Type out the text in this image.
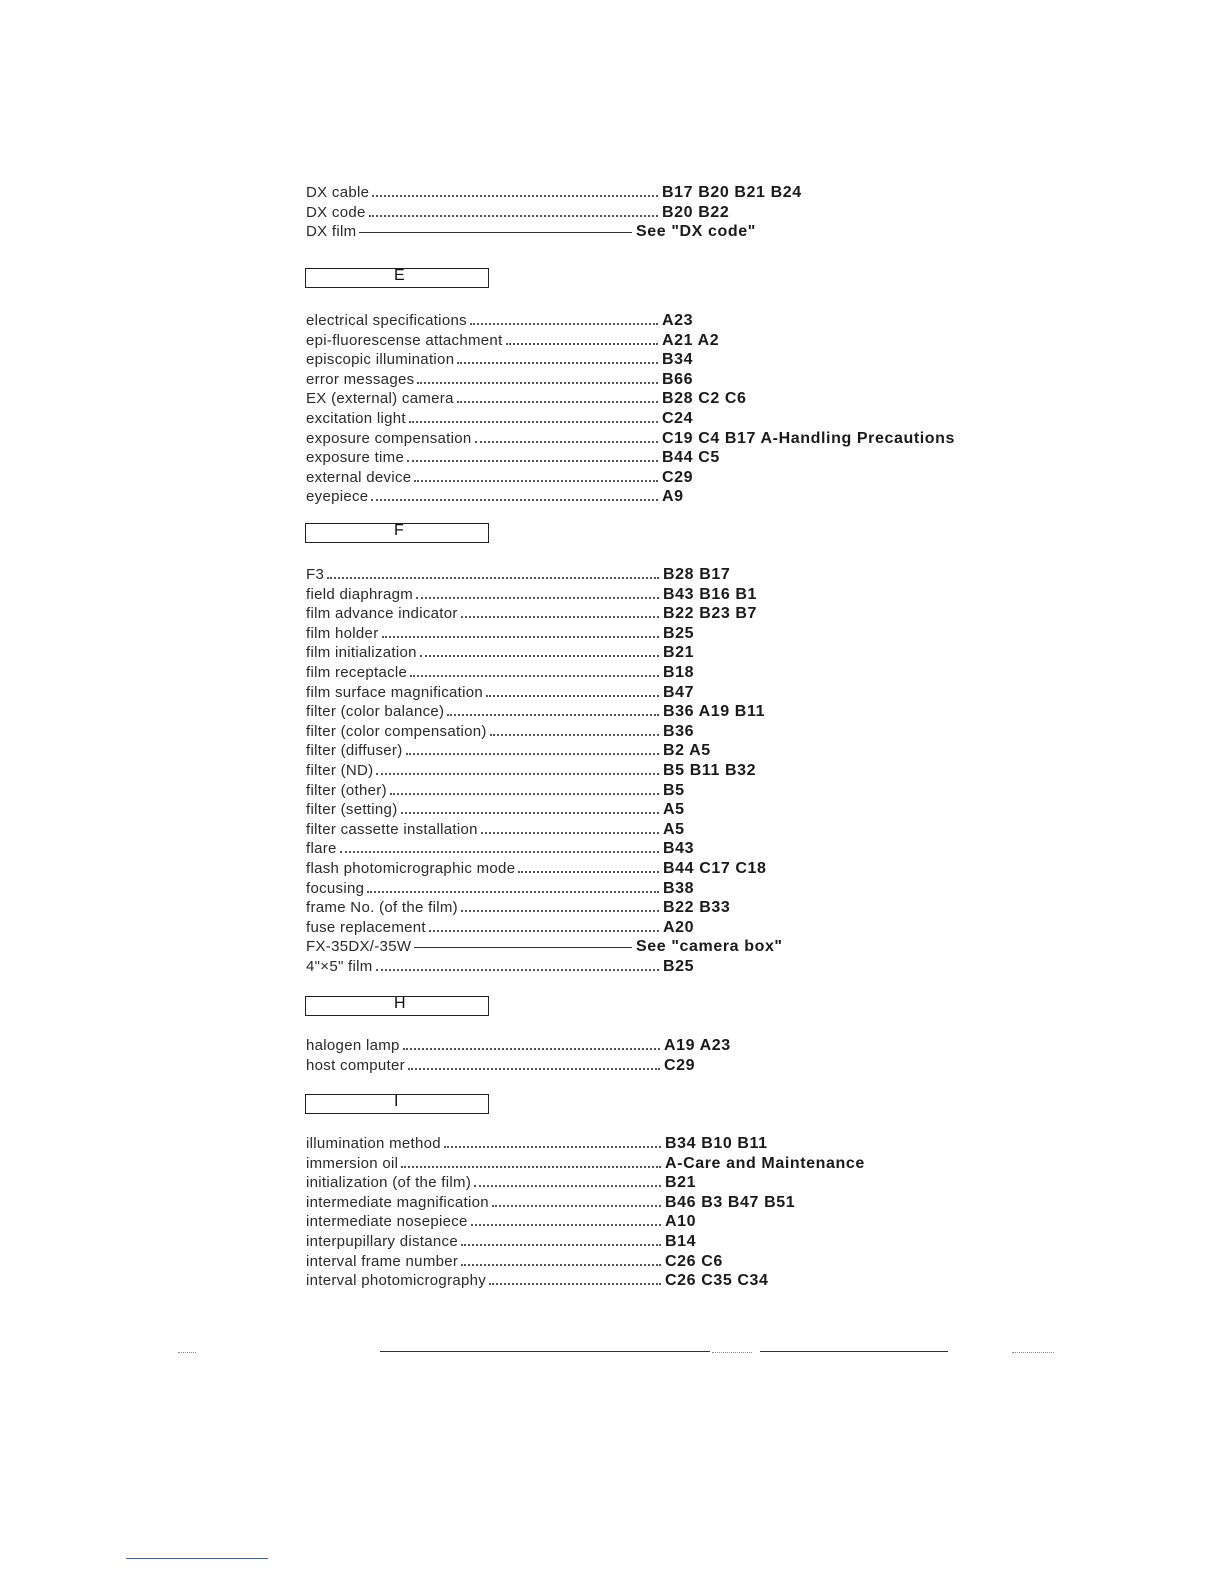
DX cable	B17 B20 B21 B24
DX code	B20 B22
DX film	See "DX code"
E
electrical specifications	A23
epi-fluorescense attachment	A21 A2
episcopic illumination	B34
error messages	B66
EX (external) camera	B28 C2 C6
excitation light	C24
exposure compensation	C19 C4 B17 A-Handling Precautions
exposure time	B44 C5
external device	C29
eyepiece	A9
F
F3	B28 B17
field diaphragm	B43 B16 B1
film advance indicator	B22 B23 B7
film holder	B25
film initialization	B21
film receptacle	B18
film surface magnification	B47
filter (color balance)	B36 A19 B11
filter (color compensation)	B36
filter (diffuser)	B2 A5
filter (ND)	B5 B11 B32
filter (other)	B5
filter (setting)	A5
filter cassette installation	A5
flare	B43
flash photomicrographic mode	B44 C17 C18
focusing	B38
frame No. (of the film)	B22 B33
fuse replacement	A20
FX-35DX/-35W	See "camera box"
4"×5" film	B25
H
halogen lamp	A19 A23
host computer	C29
I
illumination method	B34 B10 B11
immersion oil	A-Care and Maintenance
initialization (of the film)	B21
intermediate magnification	B46 B3 B47 B51
intermediate nosepiece	A10
interpupillary distance	B14
interval frame number	C26 C6
interval photomicrography	C26 C35 C34
